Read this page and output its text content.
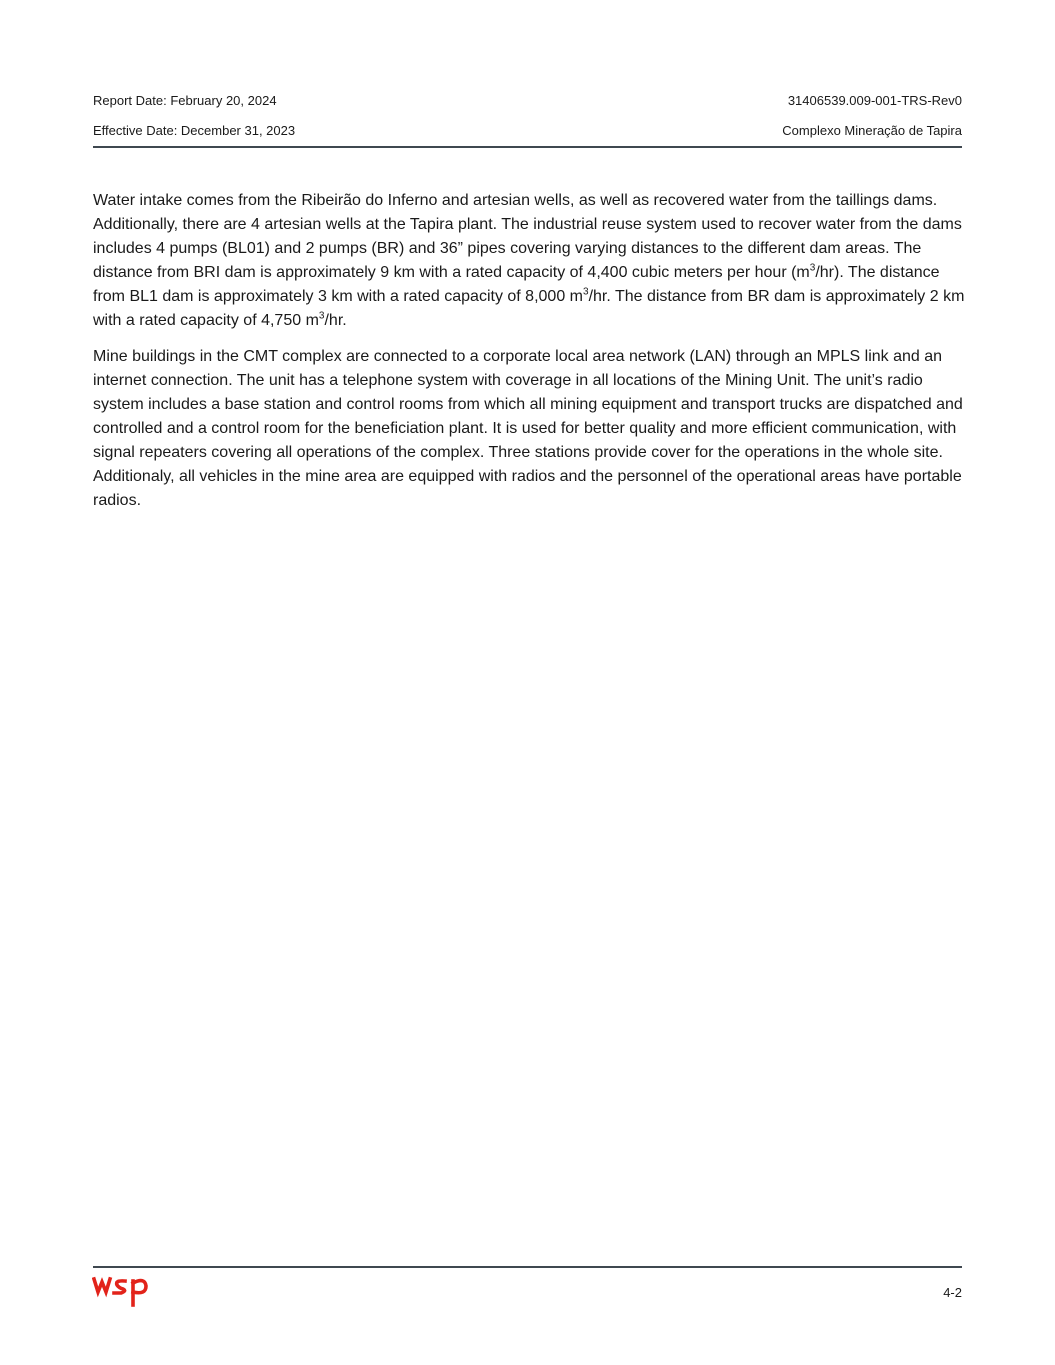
Report Date: February 20, 2024	31406539.009-001-TRS-Rev0
Effective Date: December 31, 2023	Complexo Mineração de Tapira

Water intake comes from the Ribeirão do Inferno and artesian wells, as well as recovered water from the taillings dams. Additionally, there are 4 artesian wells at the Tapira plant. The industrial reuse system used to recover water from the dams includes 4 pumps (BL01) and 2 pumps (BR) and 36” pipes covering varying distances to the different dam areas. The distance from BRI dam is approximately 9 km with a rated capacity of 4,400 cubic meters per hour $(m^3/hr)$. The distance from BL1 dam is approximately 3 km with a rated capacity of 8,000 $m^3/hr$. The distance from BR dam is approximately 2 km with a rated capacity of 4,750 $m^3/hr$.

Mine buildings in the CMT complex are connected to a corporate local area network (LAN) through an MPLS link and an internet connection. The unit has a telephone system with coverage in all locations of the Mining Unit. The unit’s radio system includes a base station and control rooms from which all mining equipment and transport trucks are dispatched and controlled and a control room for the beneficiation plant. It is used for better quality and more efficient communication, with signal repeaters covering all operations of the complex. Three stations provide cover for the operations in the whole site. Additionaly, all vehicles in the mine area are equipped with radios and the personnel of the operational areas have portable radios.

4-2
